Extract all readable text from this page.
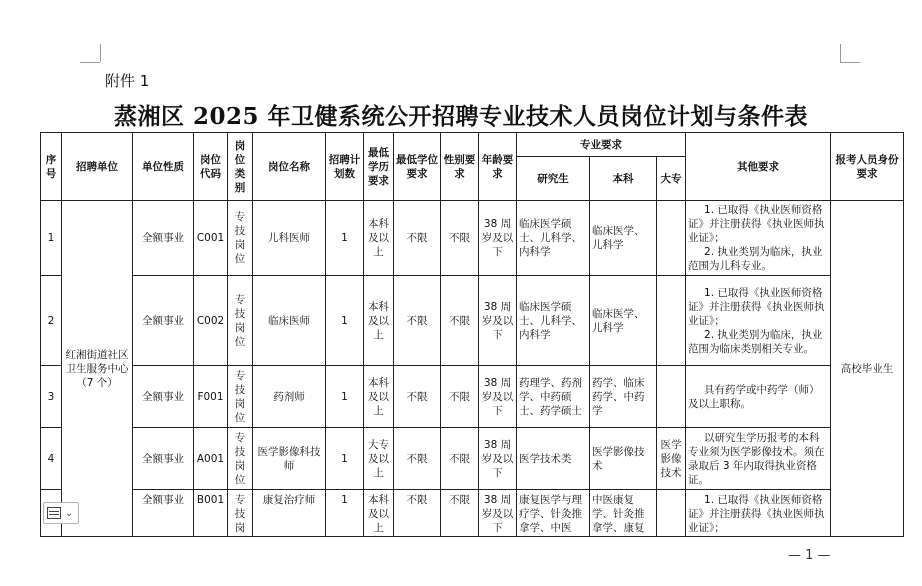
附件 1
蒸湘区 2025 年卫健系统公开招聘专业技术人员岗位计划与条件表
序号	招聘单位	单位性质	岗位代码	岗位类别	岗位名称	招聘计划数	最低学历要求	最低学位要求	性别要求	年龄要求	专业要求			其他要求	报考人员身份要求
											研究生	本科	大专		
1	红湘街道社区卫生服务中心（7 个）	全额事业	C001	专技岗位	儿科医师	1	本科及以上	不限	不限	38 周岁及以下	临床医学硕士、儿科学、内科学	临床医学、儿科学		1. 已取得《执业医师资格证》并注册获得《执业医师执业证》；
2. 执业类别为临床，执业范围为儿科专业。	高校毕业生
2		全额事业	C002	专技岗位	临床医师	1	本科及以上	不限	不限	38 周岁及以下	临床医学硕士、儿科学、内科学	临床医学、儿科学		1. 已取得《执业医师资格证》并注册获得《执业医师执业证》；
2. 执业类别为临床，执业范围为临床类别相关专业。	

3		全额事业	F001	专技岗位	药剂师	1	本科及以上	不限	不限	38 周岁及以下	药理学、药剂学、中药硕士、药学硕士	药学、临床药学、中药学		具有药学或中药学（师）及以上职称。	

4		全额事业	A001	专技岗位	医学影像科技师	1	大专及以上	不限	不限	38 周岁及以下	医学技术类	医学影像技术	医学影像技术	以研究生学历报考的本科专业须为医学影像技术。须在录取后 3 年内取得执业资格证。	

		全额事业	B001	专技岗	康复治疗师	1	本科及以上	不限	不限	38 周岁及以下	康复医学与理疗学、针灸推拿学、中医	中医康复学、针灸推拿学、康复		1. 已取得《执业医师资格证》并注册获得《执业医师执业证》；	
⌄
— 1 —
